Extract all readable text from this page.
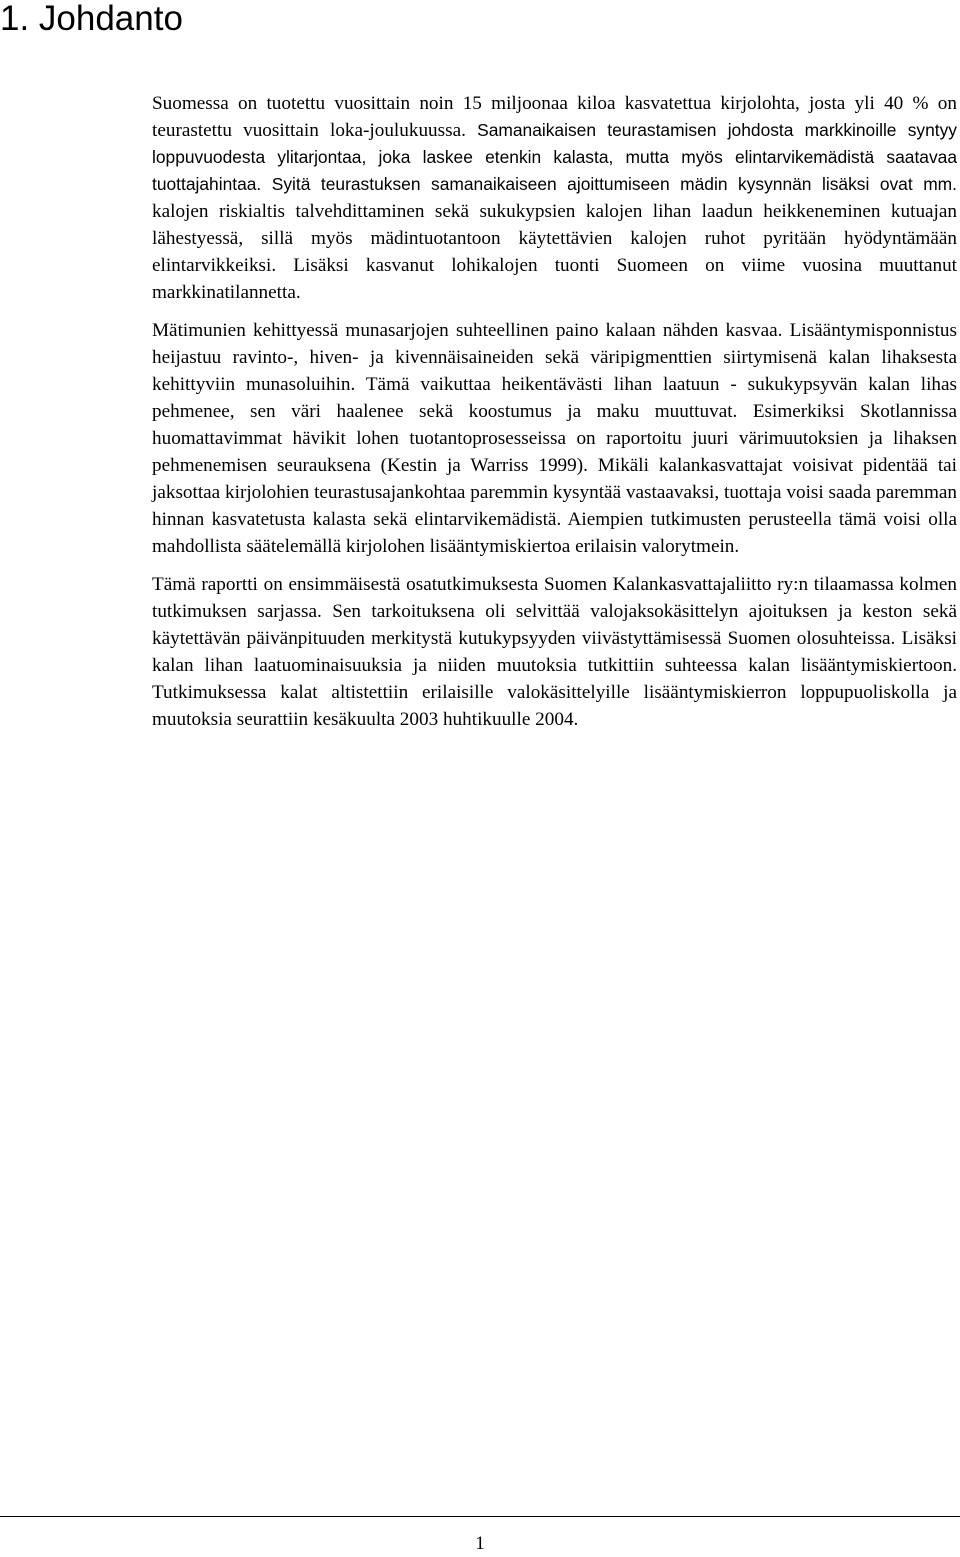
1. Johdanto

Suomessa on tuotettu vuosittain noin 15 miljoonaa kiloa kasvatettua kirjolohta, josta yli 40 % on teurastettu vuosittain loka-joulukuussa. Samanaikaisen teurastamisen johdosta markkinoille syntyy loppuvuodesta ylitarjontaa, joka laskee etenkin kalasta, mutta myös elintarvikemädistä saatavaa tuottajahintaa. Syitä teurastuksen samanaikaiseen ajoittumiseen mädin kysynnän lisäksi ovat mm. kalojen riskialtis talvehdittaminen sekä sukukypsien kalojen lihan laadun heikkeneminen kutuajan lähestyessä, sillä myös mädintuotantoon käytettävien kalojen ruhot pyritään hyödyntämään elintarvikkeiksi. Lisäksi kasvanut lohikalojen tuonti Suomeen on viime vuosina muuttanut markkinatilannetta.

Mätimunien kehittyessä munasarjojen suhteellinen paino kalaan nähden kasvaa. Lisääntymisponnistus heijastuu ravinto-, hiven- ja kivennäisaineiden sekä väripigmenttien siirtymisenä kalan lihaksesta kehittyviin munasoluihin. Tämä vaikuttaa heikentävästi lihan laatuun - sukukypsyvän kalan lihas pehmenee, sen väri haalenee sekä koostumus ja maku muuttuvat. Esimerkiksi Skotlannissa huomattavimmat hävikit lohen tuotantoprosesseissa on raportoitu juuri värimuutoksien ja lihaksen pehmenemisen seurauksena (Kestin ja Warriss 1999). Mikäli kalankasvattajat voisivat pidentää tai jaksottaa kirjolohien teurastusajankohtaa paremmin kysyntää vastaavaksi, tuottaja voisi saada paremman hinnan kasvatetusta kalasta sekä elintarvikemädistä. Aiempien tutkimusten perusteella tämä voisi olla mahdollista säätelemällä kirjolohen lisääntymiskiertoa erilaisin valorytmein.

Tämä raportti on ensimmäisestä osatutkimuksesta Suomen Kalankasvattajaliitto ry:n tilaamassa kolmen tutkimuksen sarjassa. Sen tarkoituksena oli selvittää valojaksokäsittelyn ajoituksen ja keston sekä käytettävän päivänpituuden merkitystä kutukypsyyden viivästyttämisessä Suomen olosuhteissa. Lisäksi kalan lihan laatuominaisuuksia ja niiden muutoksia tutkittiin suhteessa kalan lisääntymiskiertoon. Tutkimuksessa kalat altistettiin erilaisille valokäsittelyille lisääntymiskierron loppupuoliskolla ja muutoksia seurattiin kesäkuulta 2003 huhtikuulle 2004.

1
